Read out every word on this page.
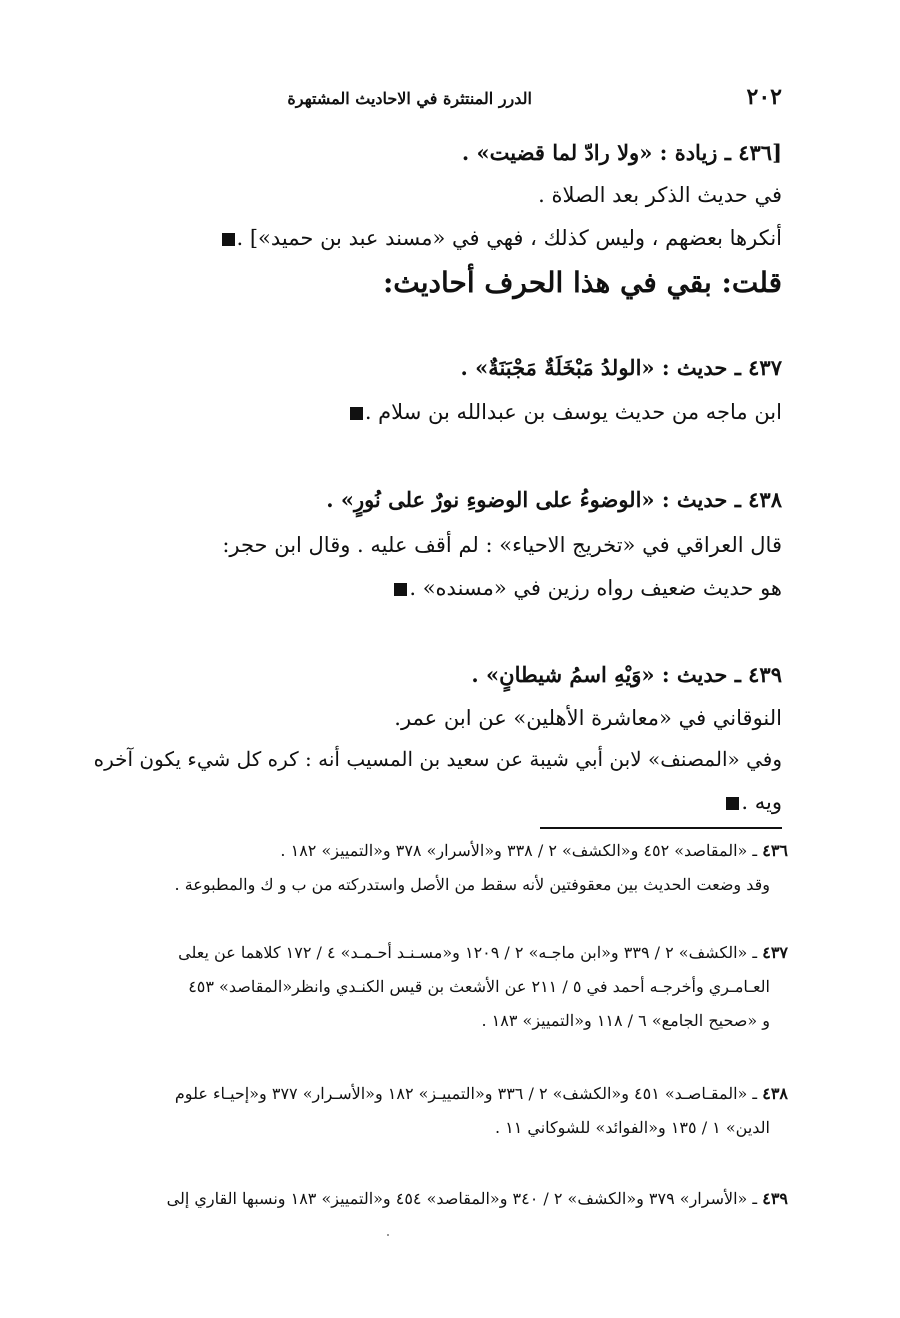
٢٠٢
الدرر المنتثرة في الاحاديث المشتهرة
[٤٣٦ ـ زيادة : «ولا رادّ لما قضيت» .
في حديث الذكر بعد الصلاة .
أنكرها بعضهم ، وليس كذلك ، فهي في «مسند عبد بن حميد»] .
قلت: بقي في هذا الحرف أحاديث:
٤٣٧ ـ حديث : «الولدُ مَبْخَلَةٌ مَجْبَنَةٌ» .
ابن ماجه من حديث يوسف بن عبدالله بن سلام .
٤٣٨ ـ حديث : «الوضوءُ على الوضوءِ نورٌ على نُورٍ» .
قال العراقي في «تخريج الاحياء» : لم أقف عليه . وقال ابن حجر:
هو حديث ضعيف رواه رزين في «مسنده» .
٤٣٩ ـ حديث : «وَيْهِ اسمُ شيطانٍ» .
النوقاني في «معاشرة الأهلين» عن ابن عمر.
وفي «المصنف» لابن أبي شيبة عن سعيد بن المسيب أنه : كره كل شيء يكون آخره
ويه .
٤٣٦ ـ «المقاصد» ٤٥٢ و«الكشف» ٢ / ٣٣٨ و«الأسرار» ٣٧٨ و«التمييز» ١٨٢ .
وقد وضعت الحديث بين معقوفتين لأنه سقط من الأصل واستدركته من ب و ك والمطبوعة .
٤٣٧ ـ «الكشف» ٢ / ٣٣٩ و«ابن ماجـه» ٢ / ١٢٠٩ و«مسـنـد أحـمـد» ٤ / ١٧٢ كلاهما عن يعلى
العـامـري وأخرجـه أحمد في ٥ / ٢١١ عن الأشعث بن قيس الكنـدي وانظر«المقاصد» ٤٥٣
و «صحيح الجامع» ٦ / ١١٨ و«التمييز» ١٨٣ .
٤٣٨ ـ «المقـاصـد» ٤٥١ و«الكشف» ٢ / ٣٣٦ و«التمييـز» ١٨٢ و«الأسـرار» ٣٧٧ و«إحيـاء علوم
الدين» ١ / ١٣٥ و«الفوائد» للشوكاني ١١ .
٤٣٩ ـ «الأسرار» ٣٧٩ و«الكشف» ٢ / ٣٤٠ و«المقاصد» ٤٥٤ و«التمييز» ١٨٣ ونسبها القاري إلى
